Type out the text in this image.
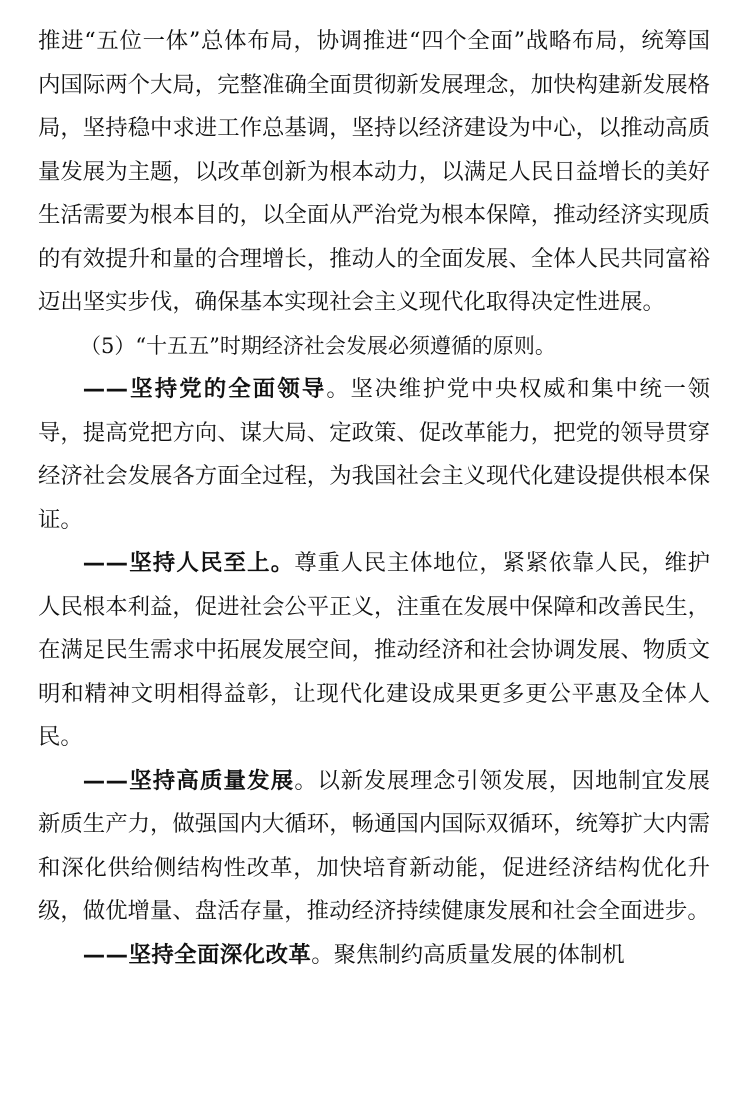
推进“五位一体”总体布局，协调推进“四个全面”战略布局，统筹国内国际两个大局，完整准确全面贯彻新发展理念，加快构建新发展格局，坚持稳中求进工作总基调，坚持以经济建设为中心，以推动高质量发展为主题，以改革创新为根本动力，以满足人民日益增长的美好生活需要为根本目的，以全面从严治党为根本保障，推动经济实现质的有效提升和量的合理增长，推动人的全面发展、全体人民共同富裕迈出坚实步伐，确保基本实现社会主义现代化取得决定性进展。

（5）“十五五”时期经济社会发展必须遵循的原则。

——坚持党的全面领导。坚决维护党中央权威和集中统一领导，提高党把方向、谋大局、定政策、促改革能力，把党的领导贯穿经济社会发展各方面全过程，为我国社会主义现代化建设提供根本保证。

——坚持人民至上。尊重人民主体地位，紧紧依靠人民，维护人民根本利益，促进社会公平正义，注重在发展中保障和改善民生，在满足民生需求中拓展发展空间，推动经济和社会协调发展、物质文明和精神文明相得益彰，让现代化建设成果更多更公平惠及全体人民。

——坚持高质量发展。以新发展理念引领发展，因地制宜发展新质生产力，做强国内大循环，畅通国内国际双循环，统筹扩大内需和深化供给侧结构性改革，加快培育新动能，促进经济结构优化升级，做优增量、盘活存量，推动经济持续健康发展和社会全面进步。

——坚持全面深化改革。聚焦制约高质量发展的体制机
